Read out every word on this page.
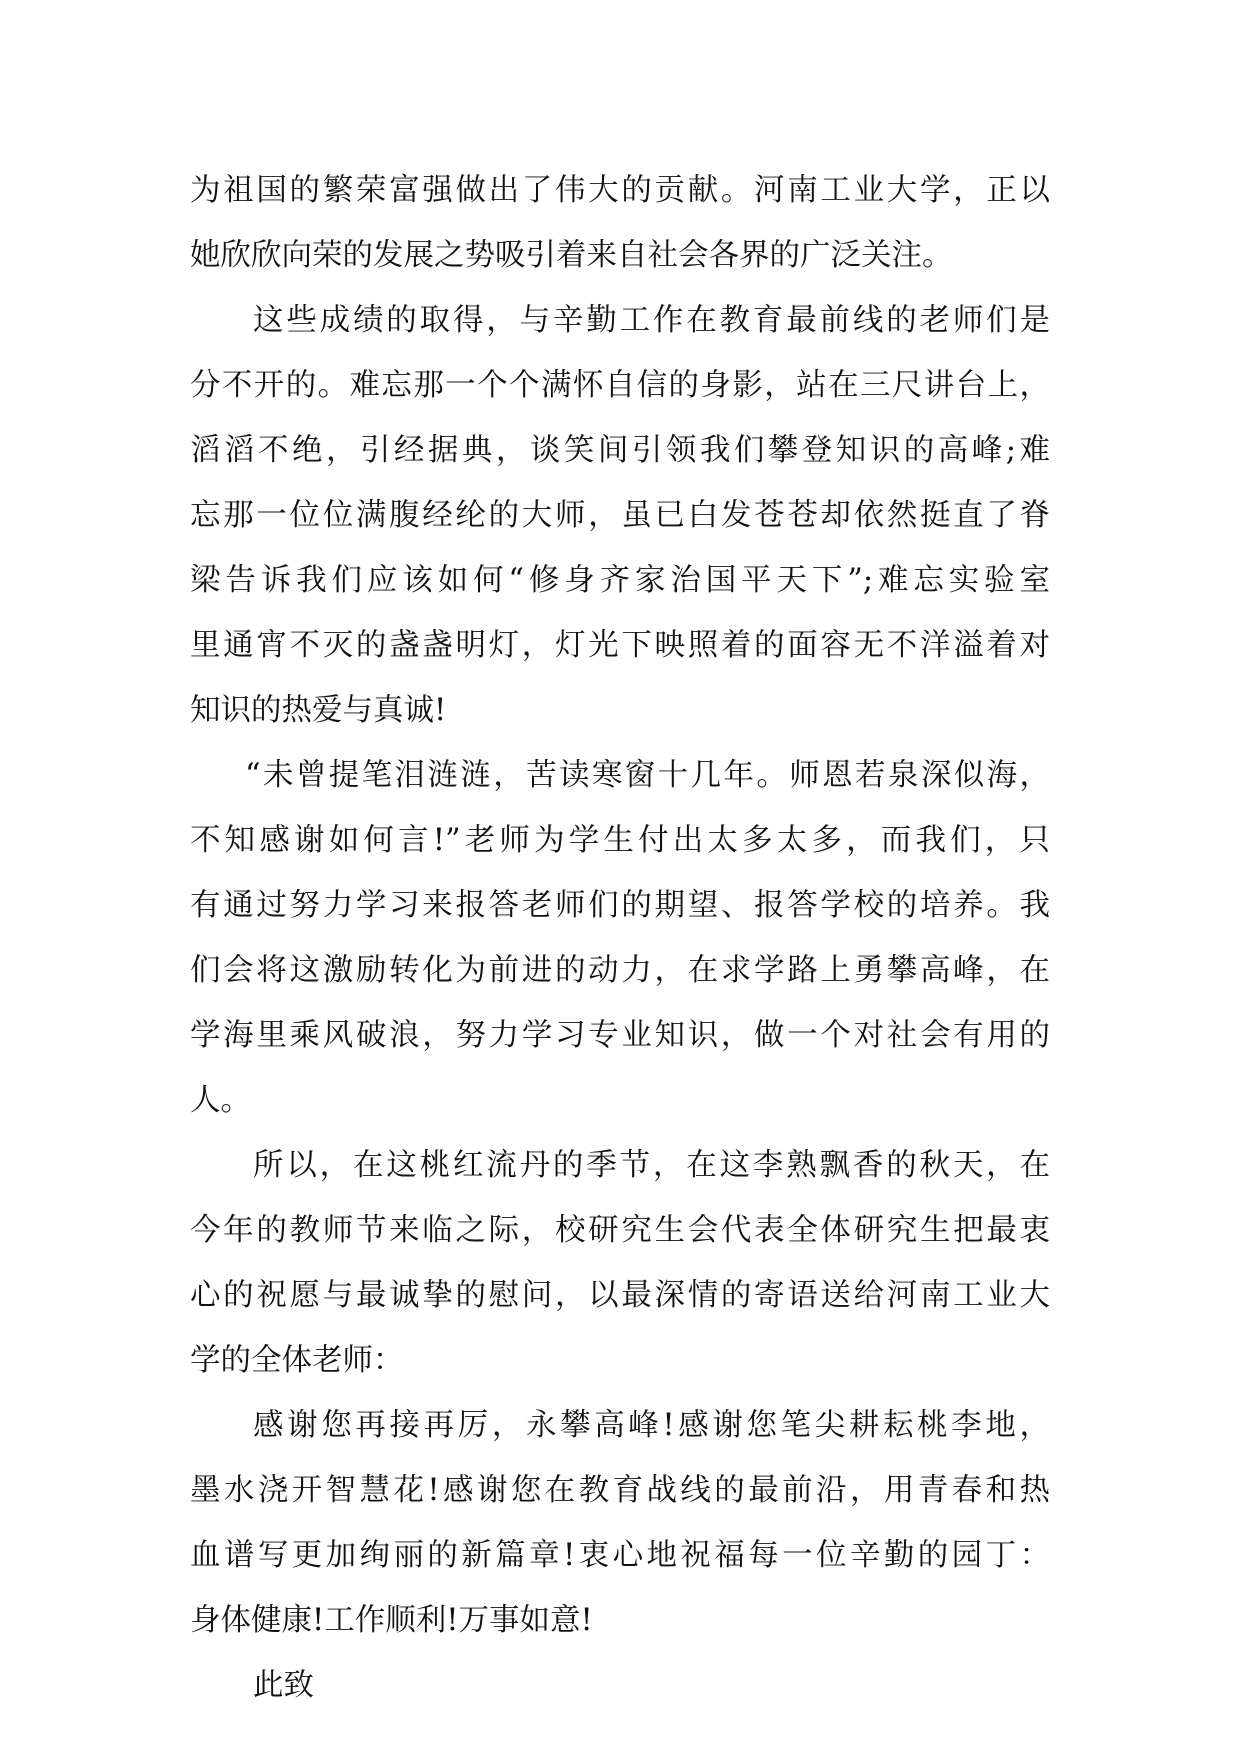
为祖国的繁荣富强做出了伟大的贡献。河南工业大学，正以
她欣欣向荣的发展之势吸引着来自社会各界的广泛关注。
这些成绩的取得，与辛勤工作在教育最前线的老师们是
分不开的。难忘那一个个满怀自信的身影，站在三尺讲台上，
滔滔不绝，引经据典，谈笑间引领我们攀登知识的高峰;难
忘那一位位满腹经纶的大师，虽已白发苍苍却依然挺直了脊
梁告诉我们应该如何“修身齐家治国平天下”;难忘实验室
里通宵不灭的盏盏明灯，灯光下映照着的面容无不洋溢着对
知识的热爱与真诚!
“未曾提笔泪涟涟，苦读寒窗十几年。师恩若泉深似海，
不知感谢如何言!”老师为学生付出太多太多，而我们，只
有通过努力学习来报答老师们的期望、报答学校的培养。我
们会将这激励转化为前进的动力，在求学路上勇攀高峰，在
学海里乘风破浪，努力学习专业知识，做一个对社会有用的
人。
所以，在这桃红流丹的季节，在这李熟飘香的秋天，在
今年的教师节来临之际，校研究生会代表全体研究生把最衷
心的祝愿与最诚挚的慰问，以最深情的寄语送给河南工业大
学的全体老师：
感谢您再接再厉，永攀高峰!感谢您笔尖耕耘桃李地，
墨水浇开智慧花!感谢您在教育战线的最前沿，用青春和热
血谱写更加绚丽的新篇章!衷心地祝福每一位辛勤的园丁：
身体健康!工作顺利!万事如意!
此致
